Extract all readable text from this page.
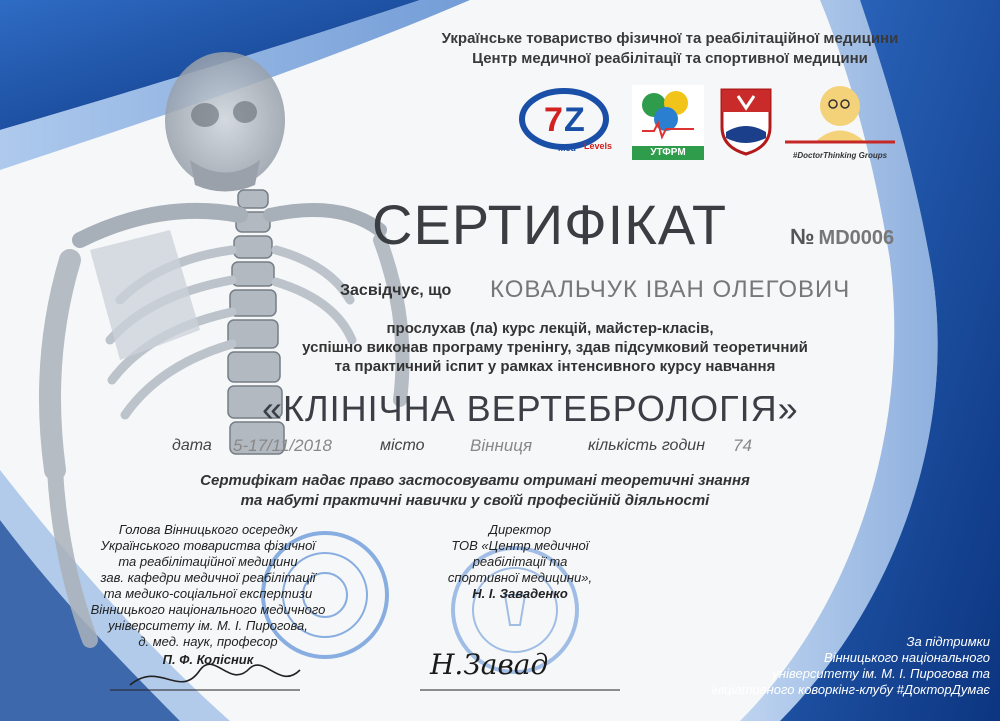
Українське товариство фізичної та реабілітаційної медицини
Центр медичної реабілітації та спортивної медицини
7 Z
Med Levels
УТФРМ	#DoctorThinking Groups
СЕРТИФІКАТ	№ MD0006
Засвідчує, що КОВАЛЬЧУК ІВАН ОЛЕГОВИЧ
прослухав (ла) курс лекцій, майстер-класів,
успішно виконав програму тренінгу, здав підсумковий теоретичний
та практичний іспит у рамках інтенсивного курсу навчання
«КЛІНІЧНА ВЕРТЕБРОЛОГІЯ»
дата 5-17/11/2018	місто	Вінниця	кількість годин 74
Сертифікат надає право застосовувати отримані теоретичні знання
та набуті практичні навички у своїй професійній діяльності
Голова Вінницького осередку
Українського товариства фізичної
та реабілітаційної медицини
зав. кафедри медичної реабілітації
та медико-соціальної експертизи
Вінницького національного медичного
університету ім. М. І. Пирогова,
д. мед. наук, професор
П. Ф. Колісник
Директор
ТОВ «Центр медичної
реабілітації та
спортивної медицини»,
Н. І. Заваденко
Н.Завад
За підтримки
Вінницького національного
університету ім. М. І. Пирогова та
ініціативного коворкінг-клубу #ДокторДумає
